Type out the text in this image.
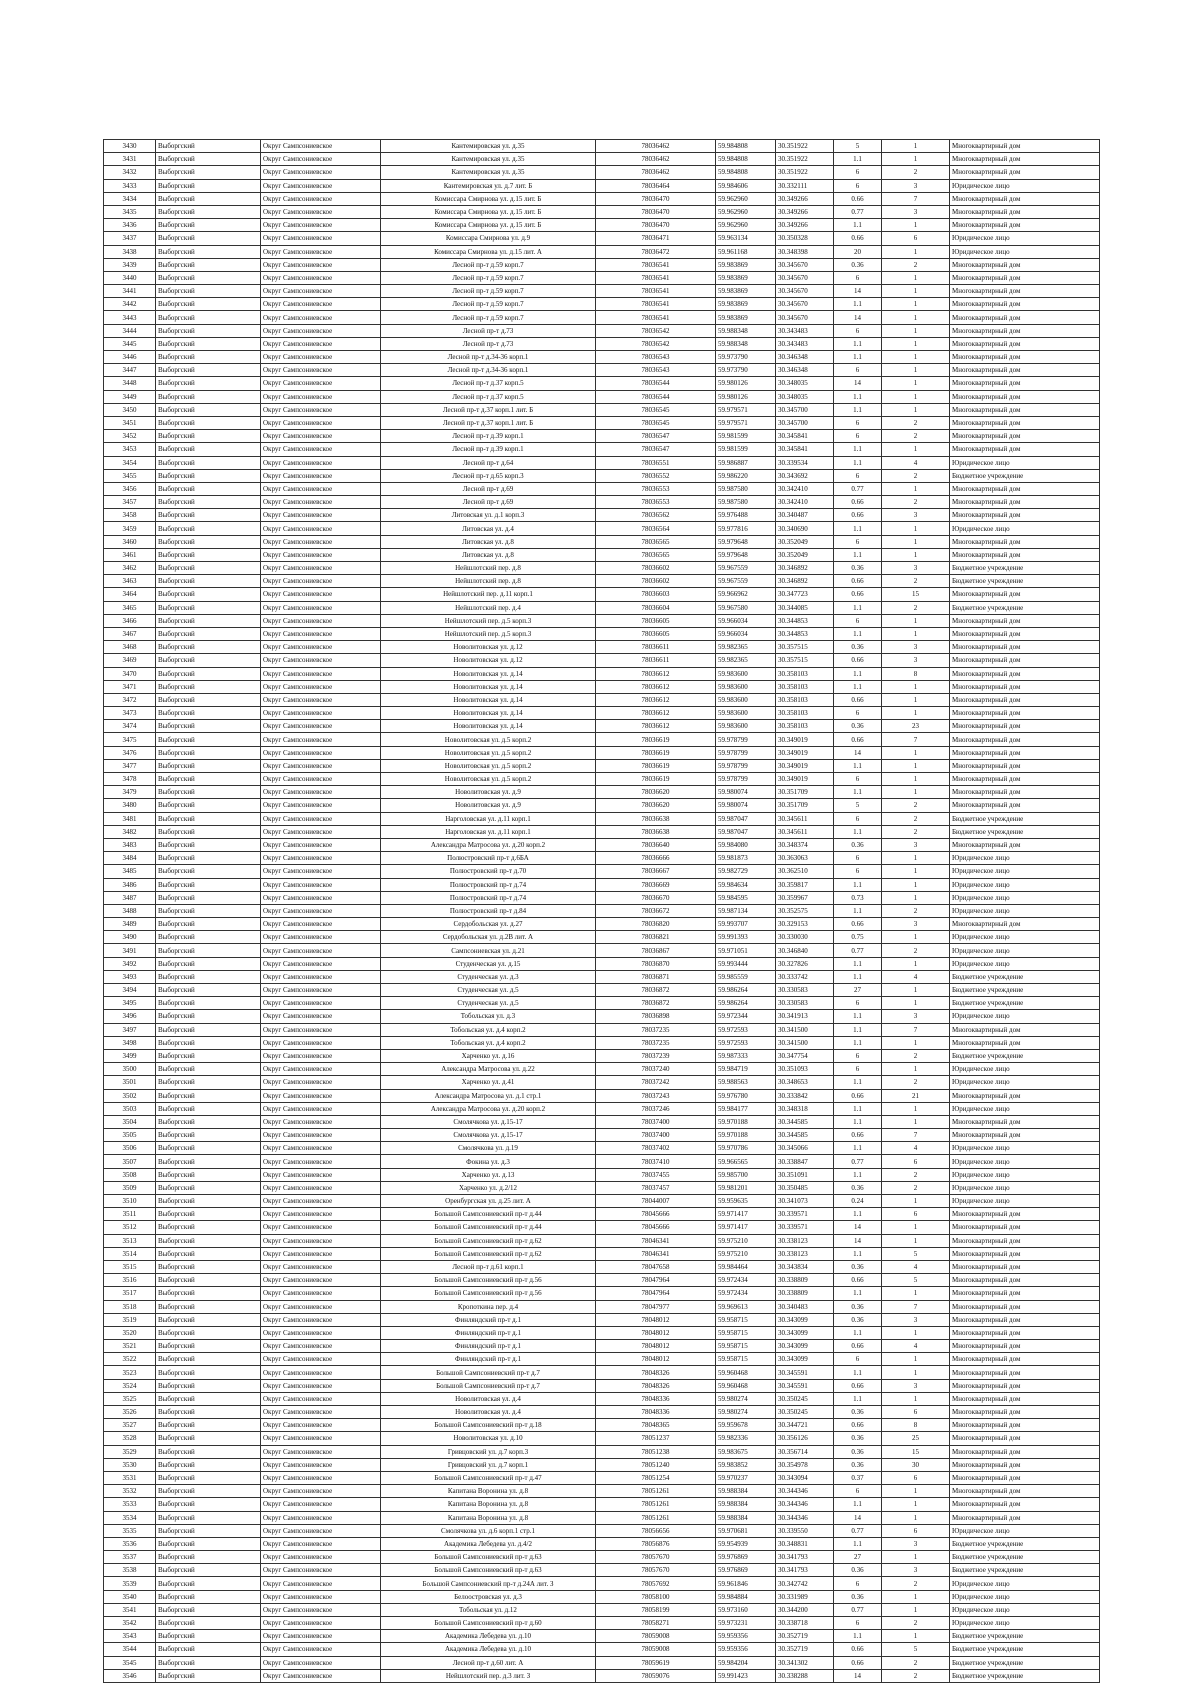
3430	Выборгский	Округ Сампсониевское	Кантемировская ул. д.35	78036462	59.984808	30.351922	5	1	Многоквартирный дом
3431	Выборгский	Округ Сампсониевское	Кантемировская ул. д.35	78036462	59.984808	30.351922	1.1	1	Многоквартирный дом
3432	Выборгский	Округ Сампсониевское	Кантемировская ул. д.35	78036462	59.984808	30.351922	6	2	Многоквартирный дом
3433	Выборгский	Округ Сампсониевское	Кантемировская ул. д.7 лит. Б	78036464	59.984606	30.332111	6	3	Юридическое лицо
3434	Выборгский	Округ Сампсониевское	Комиссара Смирнова ул. д.15 лит. Б	78036470	59.962960	30.349266	0.66	7	Многоквартирный дом
3435	Выборгский	Округ Сампсониевское	Комиссара Смирнова ул. д.15 лит. Б	78036470	59.962960	30.349266	0.77	3	Многоквартирный дом
3436	Выборгский	Округ Сампсониевское	Комиссара Смирнова ул. д.15 лит. Б	78036470	59.962960	30.349266	1.1	1	Многоквартирный дом
3437	Выборгский	Округ Сампсониевское	Комиссара Смирнова ул. д.9	78036471	59.963134	30.350328	0.66	6	Юридическое лицо
3438	Выборгский	Округ Сампсониевское	Комиссара Смирнова ул. д.15 лит. А	78036472	59.961168	30.348398	20	1	Юридическое лицо
3439	Выборгский	Округ Сампсониевское	Лесной пр-т д.59 корп.7	78036541	59.983869	30.345670	0.36	2	Многоквартирный дом
3440	Выборгский	Округ Сампсониевское	Лесной пр-т д.59 корп.7	78036541	59.983869	30.345670	6	1	Многоквартирный дом
3441	Выборгский	Округ Сампсониевское	Лесной пр-т д.59 корп.7	78036541	59.983869	30.345670	14	1	Многоквартирный дом
3442	Выборгский	Округ Сампсониевское	Лесной пр-т д.59 корп.7	78036541	59.983869	30.345670	1.1	1	Многоквартирный дом
3443	Выборгский	Округ Сампсониевское	Лесной пр-т д.59 корп.7	78036541	59.983869	30.345670	14	1	Многоквартирный дом
3444	Выборгский	Округ Сампсониевское	Лесной пр-т д.73	78036542	59.988348	30.343483	6	1	Многоквартирный дом
3445	Выборгский	Округ Сампсониевское	Лесной пр-т д.73	78036542	59.988348	30.343483	1.1	1	Многоквартирный дом
3446	Выборгский	Округ Сампсониевское	Лесной пр-т д.34-36 корп.1	78036543	59.973790	30.346348	1.1	1	Многоквартирный дом
3447	Выборгский	Округ Сампсониевское	Лесной пр-т д.34-36 корп.1	78036543	59.973790	30.346348	6	1	Многоквартирный дом
3448	Выборгский	Округ Сампсониевское	Лесной пр-т д.37 корп.5	78036544	59.980126	30.348035	14	1	Многоквартирный дом
3449	Выборгский	Округ Сампсониевское	Лесной пр-т д.37 корп.5	78036544	59.980126	30.348035	1.1	1	Многоквартирный дом
3450	Выборгский	Округ Сампсониевское	Лесной пр-т д.37 корп.1 лит. Б	78036545	59.979571	30.345700	1.1	1	Многоквартирный дом
3451	Выборгский	Округ Сампсониевское	Лесной пр-т д.37 корп.1 лит. Б	78036545	59.979571	30.345700	6	2	Многоквартирный дом
3452	Выборгский	Округ Сампсониевское	Лесной пр-т д.39 корп.1	78036547	59.981599	30.345841	6	2	Многоквартирный дом
3453	Выборгский	Округ Сампсониевское	Лесной пр-т д.39 корп.1	78036547	59.981599	30.345841	1.1	1	Многоквартирный дом
3454	Выборгский	Округ Сампсониевское	Лесной пр-т д.64	78036551	59.986887	30.339534	1.1	4	Юридическое лицо
3455	Выборгский	Округ Сампсониевское	Лесной пр-т д.65 корп.3	78036552	59.986220	30.343692	6	2	Бюджетное учреждение
3456	Выборгский	Округ Сампсониевское	Лесной пр-т д.69	78036553	59.987580	30.342410	0.77	1	Многоквартирный дом
3457	Выборгский	Округ Сампсониевское	Лесной пр-т д.69	78036553	59.987580	30.342410	0.66	2	Многоквартирный дом
3458	Выборгский	Округ Сампсониевское	Литовская ул. д.1 корп.3	78036562	59.976488	30.340487	0.66	3	Многоквартирный дом
3459	Выборгский	Округ Сампсониевское	Литовская ул. д.4	78036564	59.977816	30.340690	1.1	1	Юридическое лицо
3460	Выборгский	Округ Сампсониевское	Литовская ул. д.8	78036565	59.979648	30.352049	6	1	Многоквартирный дом
3461	Выборгский	Округ Сампсониевское	Литовская ул. д.8	78036565	59.979648	30.352049	1.1	1	Многоквартирный дом
3462	Выборгский	Округ Сампсониевское	Нейшлотский пер. д.8	78036602	59.967559	30.346892	0.36	3	Бюджетное учреждение
3463	Выборгский	Округ Сампсониевское	Нейшлотский пер. д.8	78036602	59.967559	30.346892	0.66	2	Бюджетное учреждение
3464	Выборгский	Округ Сампсониевское	Нейшлотский пер. д.11 корп.1	78036603	59.966962	30.347723	0.66	15	Многоквартирный дом
3465	Выборгский	Округ Сампсониевское	Нейшлотский пер. д.4	78036604	59.967580	30.344085	1.1	2	Бюджетное учреждение
3466	Выборгский	Округ Сампсониевское	Нейшлотский пер. д.5 корп.3	78036605	59.966034	30.344853	6	1	Многоквартирный дом
3467	Выборгский	Округ Сампсониевское	Нейшлотский пер. д.5 корп.3	78036605	59.966034	30.344853	1.1	1	Многоквартирный дом
3468	Выборгский	Округ Сампсониевское	Новолитовская ул. д.12	78036611	59.982365	30.357515	0.36	3	Многоквартирный дом
3469	Выборгский	Округ Сампсониевское	Новолитовская ул. д.12	78036611	59.982365	30.357515	0.66	3	Многоквартирный дом
3470	Выборгский	Округ Сампсониевское	Новолитовская ул. д.14	78036612	59.983600	30.358103	1.1	8	Многоквартирный дом
3471	Выборгский	Округ Сампсониевское	Новолитовская ул. д.14	78036612	59.983600	30.358103	1.1	1	Многоквартирный дом
3472	Выборгский	Округ Сампсониевское	Новолитовская ул. д.14	78036612	59.983600	30.358103	0.66	1	Многоквартирный дом
3473	Выборгский	Округ Сампсониевское	Новолитовская ул. д.14	78036612	59.983600	30.358103	6	1	Многоквартирный дом
3474	Выборгский	Округ Сампсониевское	Новолитовская ул. д.14	78036612	59.983600	30.358103	0.36	23	Многоквартирный дом
3475	Выборгский	Округ Сампсониевское	Новолитовская ул. д.5 корп.2	78036619	59.978799	30.349019	0.66	7	Многоквартирный дом
3476	Выборгский	Округ Сампсониевское	Новолитовская ул. д.5 корп.2	78036619	59.978799	30.349019	14	1	Многоквартирный дом
3477	Выборгский	Округ Сампсониевское	Новолитовская ул. д.5 корп.2	78036619	59.978799	30.349019	1.1	1	Многоквартирный дом
3478	Выборгский	Округ Сампсониевское	Новолитовская ул. д.5 корп.2	78036619	59.978799	30.349019	6	1	Многоквартирный дом
3479	Выборгский	Округ Сампсониевское	Новолитовская ул. д.9	78036620	59.980074	30.351709	1.1	1	Многоквартирный дом
3480	Выборгский	Округ Сампсониевское	Новолитовская ул. д.9	78036620	59.980074	30.351709	5	2	Многоквартирный дом
3481	Выборгский	Округ Сампсониевское	Нарголовская ул. д.11 корп.1	78036638	59.987047	30.345611	6	2	Бюджетное учреждение
3482	Выборгский	Округ Сампсониевское	Нарголовская ул. д.11 корп.1	78036638	59.987047	30.345611	1.1	2	Бюджетное учреждение
3483	Выборгский	Округ Сампсониевское	Александра Матросова ул. д.20 корп.2	78036640	59.984080	30.348374	0.36	3	Многоквартирный дом
3484	Выборгский	Округ Сампсониевское	Полюстровский пр-т д.6БА	78036666	59.981873	30.363063	6	1	Юридическое лицо
3485	Выборгский	Округ Сампсониевское	Полюстровский пр-т д.70	78036667	59.982729	30.362510	6	1	Юридическое лицо
3486	Выборгский	Округ Сампсониевское	Полюстровский пр-т д.74	78036669	59.984634	30.359817	1.1	1	Юридическое лицо
3487	Выборгский	Округ Сампсониевское	Полюстровский пр-т д.74	78036670	59.984595	30.359967	0.73	1	Юридическое лицо
3488	Выборгский	Округ Сампсониевское	Полюстровский пр-т д.84	78036672	59.987134	30.352575	1.1	2	Юридическое лицо
3489	Выборгский	Округ Сампсониевское	Сердобольская ул. д.27	78036820	59.993707	30.329153	0.66	3	Многоквартирный дом
3490	Выборгский	Округ Сампсониевское	Сердобольская ул. д.2В лит. А	78036821	59.991393	30.330030	0.75	1	Юридическое лицо
3491	Выборгский	Округ Сампсониевское	Сампсониевская ул. д.21	78036867	59.971051	30.346840	0.77	2	Юридическое лицо
3492	Выборгский	Округ Сампсониевское	Студенческая ул. д.15	78036870	59.993444	30.327826	1.1	1	Юридическое лицо
3493	Выборгский	Округ Сампсониевское	Студенческая ул. д.3	78036871	59.985559	30.333742	1.1	4	Бюджетное учреждение
3494	Выборгский	Округ Сампсониевское	Студенческая ул. д.5	78036872	59.986264	30.330583	27	1	Бюджетное учреждение
3495	Выборгский	Округ Сампсониевское	Студенческая ул. д.5	78036872	59.986264	30.330583	6	1	Бюджетное учреждение
3496	Выборгский	Округ Сампсониевское	Тобольская ул. д.3	78036898	59.972344	30.341913	1.1	3	Юридическое лицо
3497	Выборгский	Округ Сампсониевское	Тобольская ул. д.4 корп.2	78037235	59.972593	30.341500	1.1	7	Многоквартирный дом
3498	Выборгский	Округ Сампсониевское	Тобольская ул. д.4 корп.2	78037235	59.972593	30.341500	1.1	1	Многоквартирный дом
3499	Выборгский	Округ Сампсониевское	Харченко ул. д.16	78037239	59.987333	30.347754	6	2	Бюджетное учреждение
3500	Выборгский	Округ Сампсониевское	Александра Матросова ул. д.22	78037240	59.984719	30.351093	6	1	Юридическое лицо
3501	Выборгский	Округ Сампсониевское	Харченко ул. д.41	78037242	59.988563	30.348653	1.1	2	Юридическое лицо
3502	Выборгский	Округ Сампсониевское	Александра Матросова ул. д.1 стр.1	78037243	59.976780	30.333842	0.66	21	Многоквартирный дом
3503	Выборгский	Округ Сампсониевское	Александра Матросова ул. д.20 корп.2	78037246	59.984177	30.348318	1.1	1	Юридическое лицо
3504	Выборгский	Округ Сампсониевское	Смолячкова ул. д.15-17	78037400	59.970188	30.344585	1.1	1	Многоквартирный дом
3505	Выборгский	Округ Сампсониевское	Смолячкова ул. д.15-17	78037400	59.970188	30.344585	0.66	7	Многоквартирный дом
3506	Выборгский	Округ Сампсониевское	Смолячкова ул. д.19	78037402	59.970786	30.345066	1.1	4	Юридическое лицо
3507	Выборгский	Округ Сампсониевское	Фокина ул. д.3	78037410	59.966565	30.338847	0.77	6	Юридическое лицо
3508	Выборгский	Округ Сампсониевское	Харченко ул. д.13	78037455	59.985700	30.351091	1.1	2	Юридическое лицо
3509	Выборгский	Округ Сампсониевское	Харченко ул. д.2/12	78037457	59.981201	30.350485	0.36	2	Юридическое лицо
3510	Выборгский	Округ Сампсониевское	Оренбургская ул. д.25 лит. А	78044007	59.959635	30.341073	0.24	1	Юридическое лицо
3511	Выборгский	Округ Сампсониевское	Большой Сампсониевский пр-т д.44	78045666	59.971417	30.339571	1.1	6	Многоквартирный дом
3512	Выборгский	Округ Сампсониевское	Большой Сампсониевский пр-т д.44	78045666	59.971417	30.339571	14	1	Многоквартирный дом
3513	Выборгский	Округ Сампсониевское	Большой Сампсониевский пр-т д.62	78046341	59.975210	30.338123	14	1	Многоквартирный дом
3514	Выборгский	Округ Сампсониевское	Большой Сампсониевский пр-т д.62	78046341	59.975210	30.338123	1.1	5	Многоквартирный дом
3515	Выборгский	Округ Сампсониевское	Лесной пр-т д.61 корп.1	78047658	59.984464	30.343834	0.36	4	Многоквартирный дом
3516	Выборгский	Округ Сампсониевское	Большой Сампсониевский пр-т д.56	78047964	59.972434	30.338809	0.66	5	Многоквартирный дом
3517	Выборгский	Округ Сампсониевское	Большой Сампсониевский пр-т д.56	78047964	59.972434	30.338809	1.1	1	Многоквартирный дом
3518	Выборгский	Округ Сампсониевское	Кропоткина пер. д.4	78047977	59.969613	30.340483	0.36	7	Многоквартирный дом
3519	Выборгский	Округ Сампсониевское	Финляндский пр-т д.1	78048012	59.958715	30.343099	0.36	3	Многоквартирный дом
3520	Выборгский	Округ Сампсониевское	Финляндский пр-т д.1	78048012	59.958715	30.343099	1.1	1	Многоквартирный дом
3521	Выборгский	Округ Сампсониевское	Финляндский пр-т д.1	78048012	59.958715	30.343099	0.66	4	Многоквартирный дом
3522	Выборгский	Округ Сампсониевское	Финляндский пр-т д.1	78048012	59.958715	30.343099	6	1	Многоквартирный дом
3523	Выборгский	Округ Сампсониевское	Большой Сампсониевский пр-т д.7	78048326	59.960468	30.345591	1.1	1	Многоквартирный дом
3524	Выборгский	Округ Сампсониевское	Большой Сампсониевский пр-т д.7	78048326	59.960468	30.345591	0.66	3	Многоквартирный дом
3525	Выборгский	Округ Сампсониевское	Новолитовская ул. д.4	78048336	59.980274	30.350245	1.1	1	Многоквартирный дом
3526	Выборгский	Округ Сампсониевское	Новолитовская ул. д.4	78048336	59.980274	30.350245	0.36	6	Многоквартирный дом
3527	Выборгский	Округ Сампсониевское	Большой Сампсониевский пр-т д.18	78048365	59.959678	30.344721	0.66	8	Многоквартирный дом
3528	Выборгский	Округ Сампсониевское	Новолитовская ул. д.10	78051237	59.982336	30.356126	0.36	25	Многоквартирный дом
3529	Выборгский	Округ Сампсониевское	Гривцовский ул. д.7 корп.3	78051238	59.983675	30.356714	0.36	15	Многоквартирный дом
3530	Выборгский	Округ Сампсониевское	Гривцовский ул. д.7 корп.1	78051240	59.983852	30.354978	0.36	30	Многоквартирный дом
3531	Выборгский	Округ Сампсониевское	Большой Сампсониевский пр-т д.47	78051254	59.970237	30.343094	0.37	6	Многоквартирный дом
3532	Выборгский	Округ Сампсониевское	Капитана Воронина ул. д.8	78051261	59.988384	30.344346	6	1	Многоквартирный дом
3533	Выборгский	Округ Сампсониевское	Капитана Воронина ул. д.8	78051261	59.988384	30.344346	1.1	1	Многоквартирный дом
3534	Выборгский	Округ Сампсониевское	Капитана Воронина ул. д.8	78051261	59.988384	30.344346	14	1	Многоквартирный дом
3535	Выборгский	Округ Сампсониевское	Смолячкова ул. д.6 корп.1 стр.1	78056656	59.970681	30.339550	0.77	6	Юридическое лицо
3536	Выборгский	Округ Сампсониевское	Академика Лебедева ул. д.4/2	78056876	59.954939	30.348831	1.1	3	Бюджетное учреждение
3537	Выборгский	Округ Сампсониевское	Большой Сампсониевский пр-т д.63	78057670	59.976869	30.341793	27	1	Бюджетное учреждение
3538	Выборгский	Округ Сампсониевское	Большой Сампсониевский пр-т д.63	78057670	59.976869	30.341793	0.36	3	Бюджетное учреждение
3539	Выборгский	Округ Сампсониевское	Большой Сампсониевский пр-т д.24А лит. З	78057692	59.961846	30.342742	6	2	Юридическое лицо
3540	Выборгский	Округ Сампсониевское	Белоостровская ул. д.3	78058100	59.984884	30.331989	0.36	1	Юридическое лицо
3541	Выборгский	Округ Сампсониевское	Тобольская ул. д.12	78058199	59.973160	30.344200	0.77	1	Юридическое лицо
3542	Выборгский	Округ Сампсониевское	Большой Сампсониевский пр-т д.60	78058271	59.973231	30.338718	6	2	Юридическое лицо
3543	Выборгский	Округ Сампсониевское	Академика Лебедева ул. д.10	78059008	59.959356	30.352719	1.1	1	Бюджетное учреждение
3544	Выборгский	Округ Сампсониевское	Академика Лебедева ул. д.10	78059008	59.959356	30.352719	0.66	5	Бюджетное учреждение
3545	Выборгский	Округ Сампсониевское	Лесной пр-т д.60 лит. А	78059619	59.984204	30.341302	0.66	2	Бюджетное учреждение
3546	Выборгский	Округ Сампсониевское	Нейшлотский пер. д.3 лит. З	78059076	59.991423	30.338288	14	2	Бюджетное учреждение
